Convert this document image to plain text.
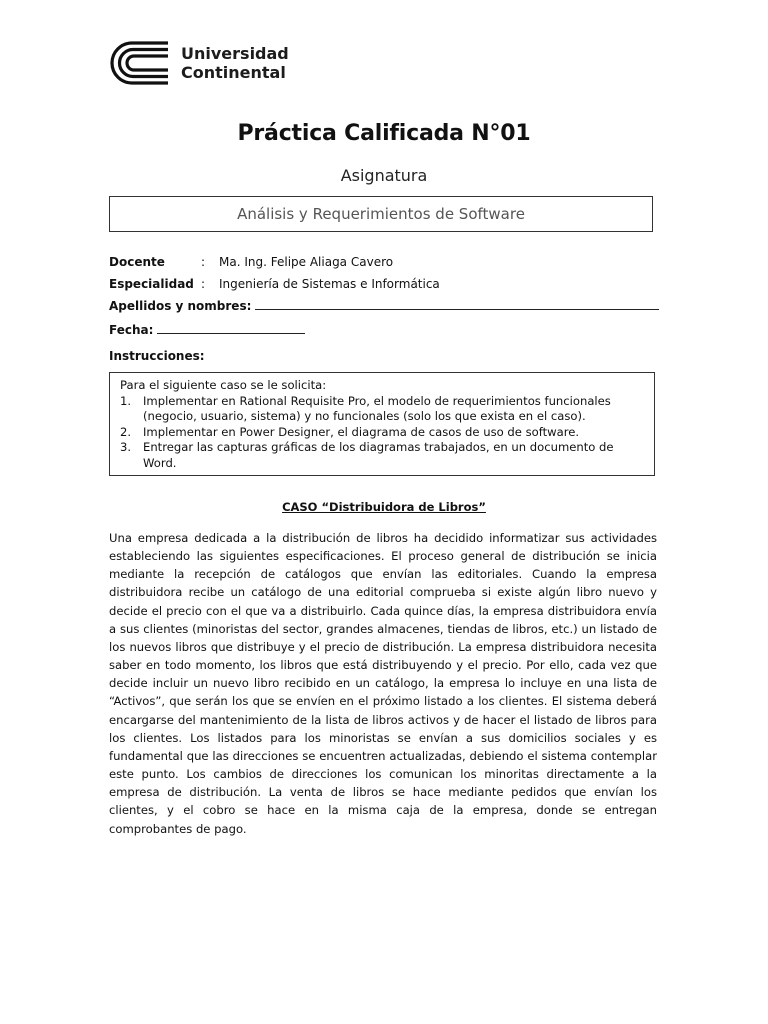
Universidad
Continental
Práctica Calificada N°01
Asignatura
Análisis y Requerimientos de Software
Docente	: Ma. Ing. Felipe Aliaga Cavero
Especialidad : Ingeniería de Sistemas e Informática
Apellidos y nombres:
Fecha:
Instrucciones:
Para el siguiente caso se le solicita:
1. Implementar en Rational Requisite Pro, el modelo de requerimientos funcionales (negocio, usuario, sistema) y no funcionales (solo los que exista en el caso).
2. Implementar en Power Designer, el diagrama de casos de uso de software.
3. Entregar las capturas gráficas de los diagramas trabajados, en un documento de Word.
CASO “Distribuidora de Libros”
Una empresa dedicada a la distribución de libros ha decidido informatizar sus actividades estableciendo las siguientes especificaciones. El proceso general de distribución se inicia mediante la recepción de catálogos que envían las editoriales. Cuando la empresa distribuidora recibe un catálogo de una editorial comprueba si existe algún libro nuevo y decide el precio con el que va a distribuirlo. Cada quince días, la empresa distribuidora envía a sus clientes (minoristas del sector, grandes almacenes, tiendas de libros, etc.) un listado de los nuevos libros que distribuye y el precio de distribución. La empresa distribuidora necesita saber en todo momento, los libros que está distribuyendo y el precio. Por ello, cada vez que decide incluir un nuevo libro recibido en un catálogo, la empresa lo incluye en una lista de “Activos”, que serán los que se envíen en el próximo listado a los clientes. El sistema deberá encargarse del mantenimiento de la lista de libros activos y de hacer el listado de libros para los clientes. Los listados para los minoristas se envían a sus domicilios sociales y es fundamental que las direcciones se encuentren actualizadas, debiendo el sistema contemplar este punto. Los cambios de direcciones los comunican los minoritas directamente a la empresa de distribución. La venta de libros se hace mediante pedidos que envían los clientes, y el cobro se hace en la misma caja de la empresa, donde se entregan comprobantes de pago.
